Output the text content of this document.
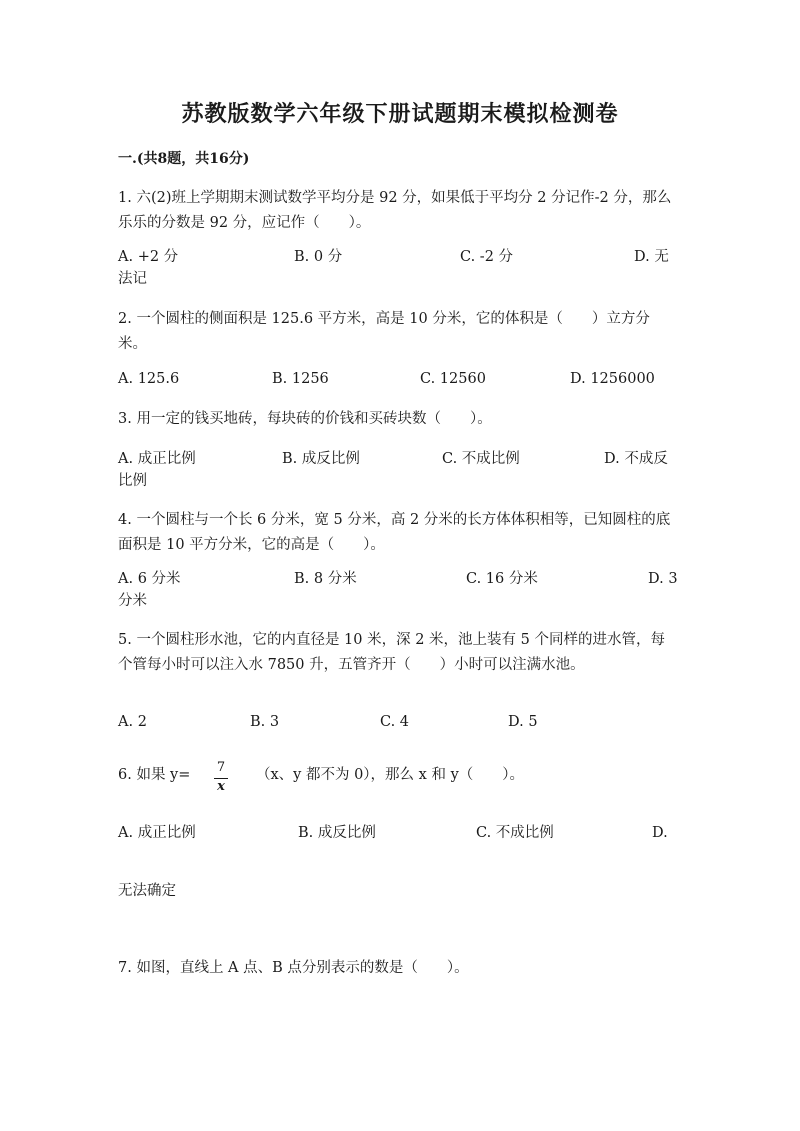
苏教版数学六年级下册试题期末模拟检测卷
一.(共8题，共16分)
1. 六(2)班上学期期末测试数学平均分是 92 分，如果低于平均分 2 分记作-2 分，那么乐乐的分数是 92 分，应记作（　　）。
A. +2 分	B. 0 分	C. -2 分	D. 无
法记
2. 一个圆柱的侧面积是 125.6 平方米，高是 10 分米，它的体积是（　　）立方分米。
A. 125.6	B. 1256	C. 12560	D. 1256000
3. 用一定的钱买地砖，每块砖的价钱和买砖块数（　　）。
A. 成正比例	B. 成反比例	C. 不成比例	D. 不成反
比例
4. 一个圆柱与一个长 6 分米，宽 5 分米，高 2 分米的长方体体积相等，已知圆柱的底面积是 10 平方分米，它的高是（　　）。
A. 6 分米	B. 8 分米	C. 16 分米	D. 3
分米
5. 一个圆柱形水池，它的内直径是 10 米，深 2 米，池上装有 5 个同样的进水管，每个管每小时可以注入水 7850 升，五管齐开（　　）小时可以注满水池。
A. 2	B. 3	C. 4	D. 5
6. 如果 y= 7
x
（x、y 都不为 0），那么 x 和 y（　　）。
A. 成正比例	B. 成反比例	C. 不成比例	D.
无法确定
7. 如图，直线上 A 点、B 点分别表示的数是（　　）。
